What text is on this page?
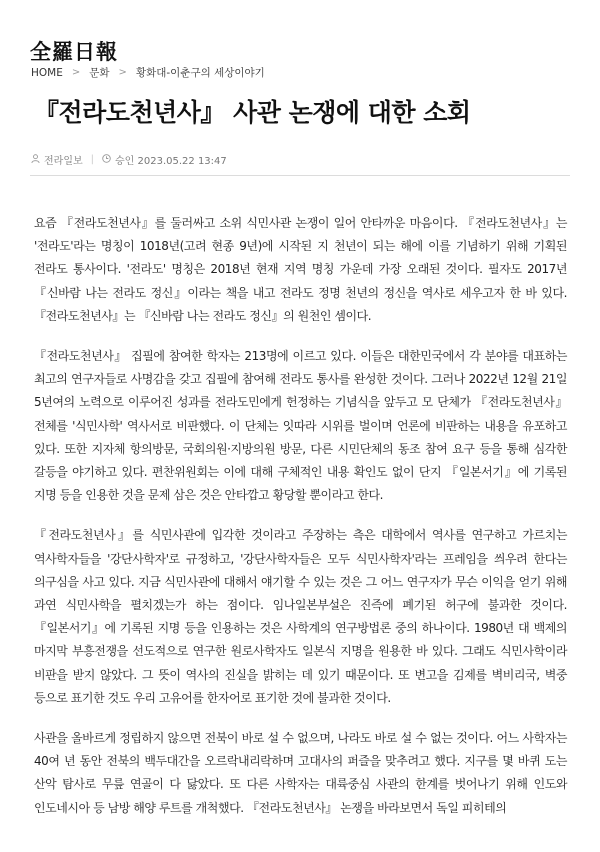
全羅日報
HOME > 문화 > 황화대-이춘구의 세상이야기
『전라도천년사』 사관 논쟁에 대한 소회
전라일보 | 승인 2023.05.22 13:47

요즘 『전라도천년사』를 둘러싸고 소위 식민사관 논쟁이 일어 안타까운 마음이다. 『전라도천년사』는 '전라도'라는 명칭이 1018년(고려 현종 9년)에 시작된 지 천년이 되는 해에 이를 기념하기 위해 기획된 전라도 통사이다. '전라도' 명칭은 2018년 현재 지역 명칭 가운데 가장 오래된 것이다. 필자도 2017년 『신바람 나는 전라도 정신』이라는 책을 내고 전라도 정명 천년의 정신을 역사로 세우고자 한 바 있다. 『전라도천년사』는 『신바람 나는 전라도 정신』의 원천인 셈이다.

『전라도천년사』 집필에 참여한 학자는 213명에 이르고 있다. 이들은 대한민국에서 각 분야를 대표하는 최고의 연구자들로 사명감을 갖고 집필에 참여해 전라도 통사를 완성한 것이다. 그러나 2022년 12월 21일 5년여의 노력으로 이루어진 성과를 전라도민에게 헌정하는 기념식을 앞두고 모 단체가 『전라도천년사』 전체를 '식민사학' 역사서로 비판했다. 이 단체는 잇따라 시위를 벌이며 언론에 비판하는 내용을 유포하고 있다. 또한 지자체 항의방문, 국회의원·지방의원 방문, 다른 시민단체의 동조 참여 요구 등을 통해 심각한 갈등을 야기하고 있다. 편찬위원회는 이에 대해 구체적인 내용 확인도 없이 단지 『일본서기』에 기록된 지명 등을 인용한 것을 문제 삼은 것은 안타깝고 황당할 뿐이라고 한다.

『전라도천년사』를 식민사관에 입각한 것이라고 주장하는 측은 대학에서 역사를 연구하고 가르치는 역사학자들을 '강단사학자'로 규정하고, '강단사학자들은 모두 식민사학자'라는 프레임을 씌우려 한다는 의구심을 사고 있다. 지금 식민사관에 대해서 얘기할 수 있는 것은 그 어느 연구자가 무슨 이익을 얻기 위해 과연 식민사학을 펼치겠는가 하는 점이다. 임나일본부설은 진즉에 폐기된 허구에 불과한 것이다. 『일본서기』에 기록된 지명 등을 인용하는 것은 사학계의 연구방법론 중의 하나이다. 1980년 대 백제의 마지막 부흥전쟁을 선도적으로 연구한 원로사학자도 일본식 지명을 원용한 바 있다. 그래도 식민사학이라 비판을 받지 않았다. 그 뜻이 역사의 진실을 밝히는 데 있기 때문이다. 또 변고을 김제를 벽비리국, 벽중 등으로 표기한 것도 우리 고유어를 한자어로 표기한 것에 불과한 것이다.

사관을 올바르게 정립하지 않으면 전북이 바로 설 수 없으며, 나라도 바로 설 수 없는 것이다. 어느 사학자는 40여 년 동안 전북의 백두대간을 오르락내리락하며 고대사의 퍼즐을 맞추려고 했다. 지구를 몇 바퀴 도는 산악 탐사로 무릎 연골이 다 닳았다. 또 다른 사학자는 대륙중심 사관의 한계를 벗어나기 위해 인도와 인도네시아 등 남방 해양 루트를 개척했다. 『전라도천년사』 논쟁을 바라보면서 독일 피히테의
